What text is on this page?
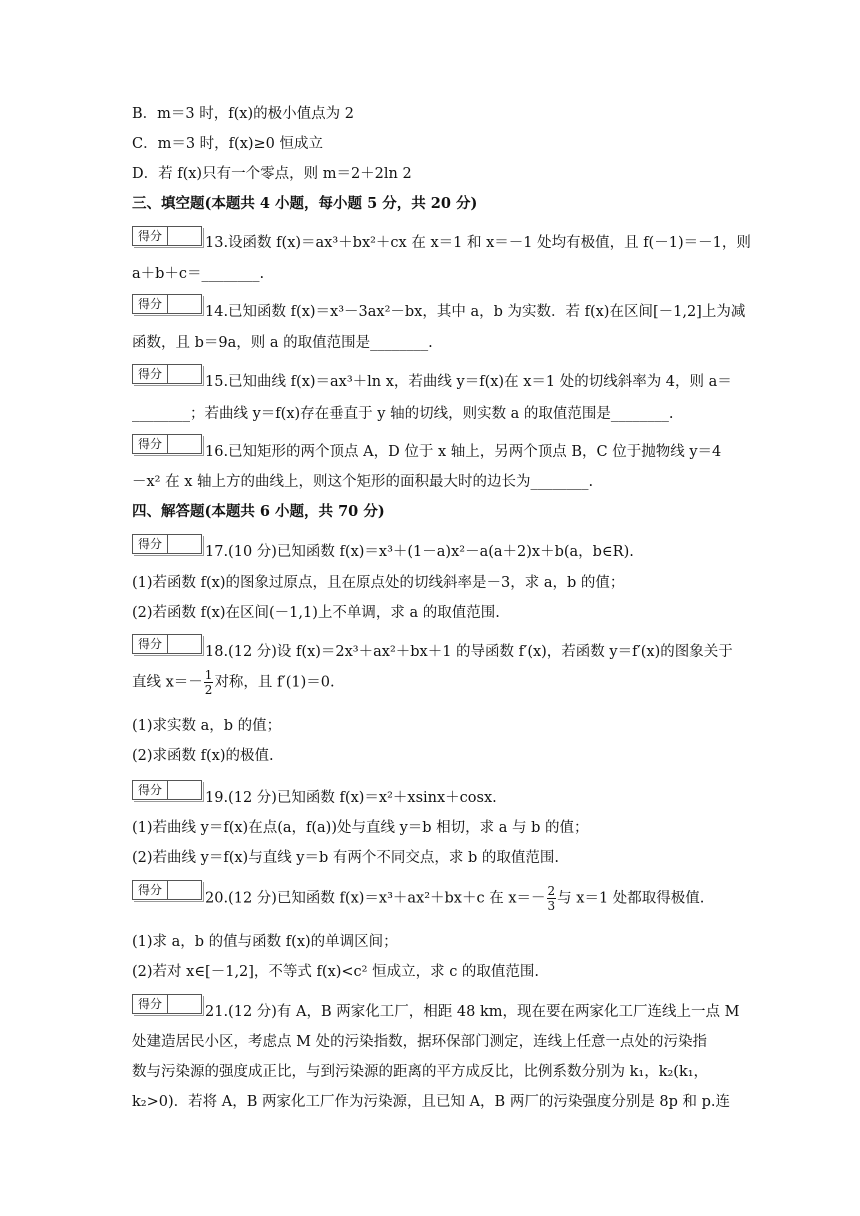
B．m＝3 时，f(x)的极小值点为 2
C．m＝3 时，f(x)≥0 恒成立
D．若 f(x)只有一个零点，则 m＝2＋2ln 2
三、填空题(本题共 4 小题，每小题 5 分，共 20 分)
得分	13.设函数 f(x)＝ax³＋bx²＋cx 在 x＝1 和 x＝－1 处均有极值，且 f(－1)＝－1，则
a＋b＋c＝________.
得分	14.已知函数 f(x)＝x³－3ax²－bx，其中 a，b 为实数．若 f(x)在区间[－1,2]上为减
函数，且 b＝9a，则 a 的取值范围是________.
得分	15.已知曲线 f(x)＝ax³＋ln x，若曲线 y＝f(x)在 x＝1 处的切线斜率为 4，则 a＝
________；若曲线 y＝f(x)存在垂直于 y 轴的切线，则实数 a 的取值范围是________.
得分	16.已知矩形的两个顶点 A，D 位于 x 轴上，另两个顶点 B，C 位于抛物线 y＝4
－x² 在 x 轴上方的曲线上，则这个矩形的面积最大时的边长为________.
四、解答题(本题共 6 小题，共 70 分)
得分	17.(10 分)已知函数 f(x)＝x³＋(1－a)x²－a(a＋2)x＋b(a，b∈R).
(1)若函数 f(x)的图象过原点，且在原点处的切线斜率是－3，求 a，b 的值；
(2)若函数 f(x)在区间(－1,1)上不单调，求 a 的取值范围.
得分	18.(12 分)设 f(x)＝2x³＋ax²＋bx＋1 的导函数 f′(x)，若函数 y＝f′(x)的图象关于
直线 $x=- \frac{1}{2}$ 对称，且 f′(1)＝0.
(1)求实数 a，b 的值；
(2)求函数 f(x)的极值.
得分	19.(12 分)已知函数 f(x)＝x²＋xsinx＋cosx.
(1)若曲线 y＝f(x)在点(a，f(a))处与直线 y＝b 相切，求 a 与 b 的值；
(2)若曲线 y＝f(x)与直线 y＝b 有两个不同交点，求 b 的取值范围.
得分
20.(12 分)已知函数 f(x)＝x³＋ax²＋bx＋c 在 $x=- \frac{2}{3}$ 与 x＝1 处都取得极值.
(1)求 a，b 的值与函数 f(x)的单调区间；
(2)若对 x∈[－1,2]，不等式 f(x)<c² 恒成立，求 c 的取值范围.
得分	21.(12 分)有 A，B 两家化工厂，相距 48 km，现在要在两家化工厂连线上一点 M
处建造居民小区，考虑点 M 处的污染指数，据环保部门测定，连线上任意一点处的污染指
数与污染源的强度成正比，与到污染源的距离的平方成反比，比例系数分别为 k₁，k₂(k₁，
k₂>0)．若将 A，B 两家化工厂作为污染源，且已知 A，B 两厂的污染强度分别是 8p 和 p.连
